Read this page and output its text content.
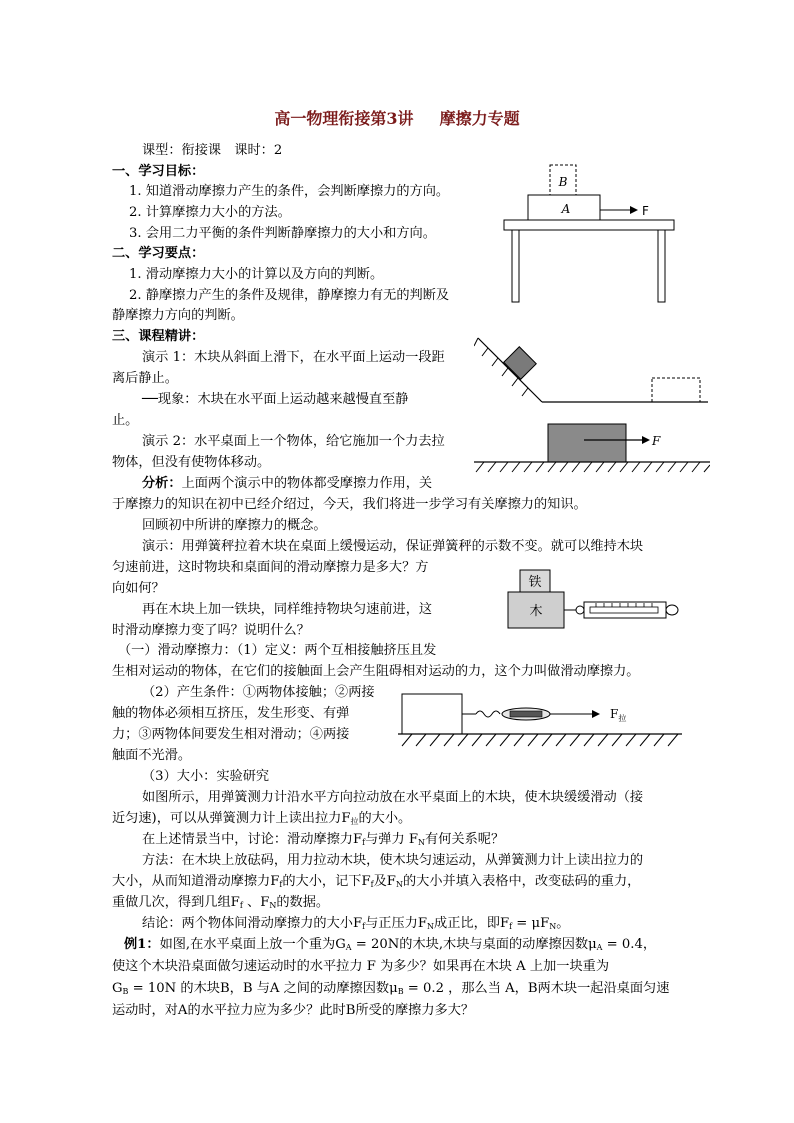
高一物理衔接第3讲 摩擦力专题
课型：衔接课　课时：2
一、学习目标：
1. 知道滑动摩擦力产生的条件，会判断摩擦力的方向。
2. 计算摩擦力大小的方法。
3. 会用二力平衡的条件判断静摩擦力的大小和方向。
二、学习要点：
1. 滑动摩擦力大小的计算以及方向的判断。
2. 静摩擦力产生的条件及规律，静摩擦力有无的判断及
静摩擦力方向的判断。
三、课程精讲：
演示 1：木块从斜面上滑下，在水平面上运动一段距
离后静止。
──现象：木块在水平面上运动越来越慢直至静
止。
演示 2：水平桌面上一个物体，给它施加一个力去拉
物体，但没有使物体移动。
分析：上面两个演示中的物体都受摩擦力作用，关
于摩擦力的知识在初中已经介绍过，今天，我们将进一步学习有关摩擦力的知识。
回顾初中所讲的摩擦力的概念。
演示：用弹簧秤拉着木块在桌面上缓慢运动，保证弹簧秤的示数不变。就可以维持木块
匀速前进，这时物块和桌面间的滑动摩擦力是多大？方
向如何？
再在木块上加一铁块，同样维持物块匀速前进，这
时滑动摩擦力变了吗？说明什么？
（一）滑动摩擦力：（1）定义：两个互相接触挤压且发
生相对运动的物体，在它们的接触面上会产生阻碍相对运动的力，这个力叫做滑动摩擦力。
（2）产生条件：①两物体接触；②两接
触的物体必须相互挤压，发生形变、有弹
力；③两物体间要发生相对滑动；④两接
触面不光滑。
（3）大小：实验研究
如图所示，用弹簧测力计沿水平方向拉动放在水平桌面上的木块，使木块缓缓滑动（接
近匀速)，可以从弹簧测力计上读出拉力$F_拉$的大小。
在上述情景当中，讨论：滑动摩擦力$F_f$与弹力 $F_N$有何关系呢？
方法：在木块上放砝码，用力拉动木块，使木块匀速运动，从弹簧测力计上读出拉力的
大小，从而知道滑动摩擦力$F_f$的大小，记下$F_f$及$F_N$的大小并填入表格中，改变砝码的重力，
重做几次，得到几组$F_f$ 、$F_N$的数据。
结论：两个物体间滑动摩擦力的大小$F_f$与正压力$F_N$成正比，即$F_f = \mu F_N$。
例1：如图,在水平桌面上放一个重为$G_A = 20N$的木块,木块与桌面的动摩擦因数$\mu_A = 0.4$，
使这个木块沿桌面做匀速运动时的水平拉力 F 为多少？如果再在木块 A 上加一块重为
$G_B = 10N$ 的木块B，B 与A 之间的动摩擦因数$\mu_B = 0.2$ ，那么当 A，B两木块一起沿桌面匀速
运动时，对A的水平拉力应为多少？此时B所受的摩擦力多大？
B
A	F
F
铁
木
$F_拉$
